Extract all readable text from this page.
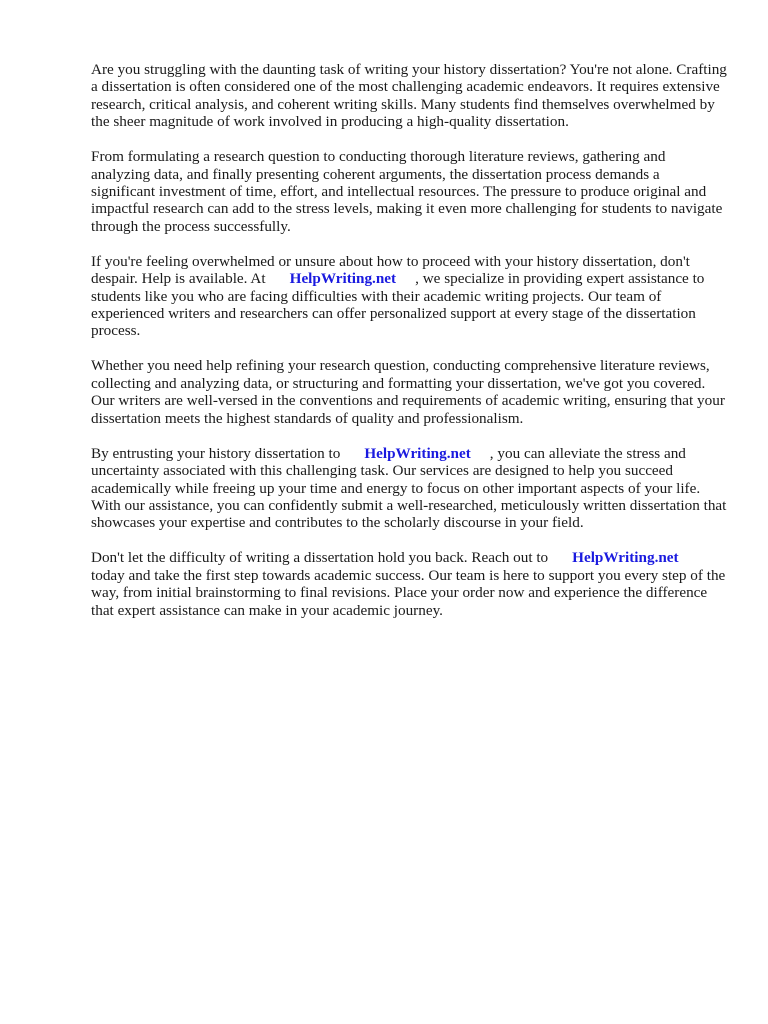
Are you struggling with the daunting task of writing your history dissertation? You're not alone. Crafting a dissertation is often considered one of the most challenging academic endeavors. It requires extensive research, critical analysis, and coherent writing skills. Many students find themselves overwhelmed by the sheer magnitude of work involved in producing a high-quality dissertation.

From formulating a research question to conducting thorough literature reviews, gathering and analyzing data, and finally presenting coherent arguments, the dissertation process demands a significant investment of time, effort, and intellectual resources. The pressure to produce original and impactful research can add to the stress levels, making it even more challenging for students to navigate through the process successfully.

If you're feeling overwhelmed or unsure about how to proceed with your history dissertation, don't despair. Help is available. At HelpWriting.net , we specialize in providing expert assistance to students like you who are facing difficulties with their academic writing projects. Our team of experienced writers and researchers can offer personalized support at every stage of the dissertation process.

Whether you need help refining your research question, conducting comprehensive literature reviews, collecting and analyzing data, or structuring and formatting your dissertation, we've got you covered. Our writers are well-versed in the conventions and requirements of academic writing, ensuring that your dissertation meets the highest standards of quality and professionalism.

By entrusting your history dissertation to HelpWriting.net , you can alleviate the stress and uncertainty associated with this challenging task. Our services are designed to help you succeed academically while freeing up your time and energy to focus on other important aspects of your life. With our assistance, you can confidently submit a well-researched, meticulously written dissertation that showcases your expertise and contributes to the scholarly discourse in your field.

Don't let the difficulty of writing a dissertation hold you back. Reach out to HelpWriting.net
today and take the first step towards academic success. Our team is here to support you every step of the way, from initial brainstorming to final revisions. Place your order now and experience the difference that expert assistance can make in your academic journey.
